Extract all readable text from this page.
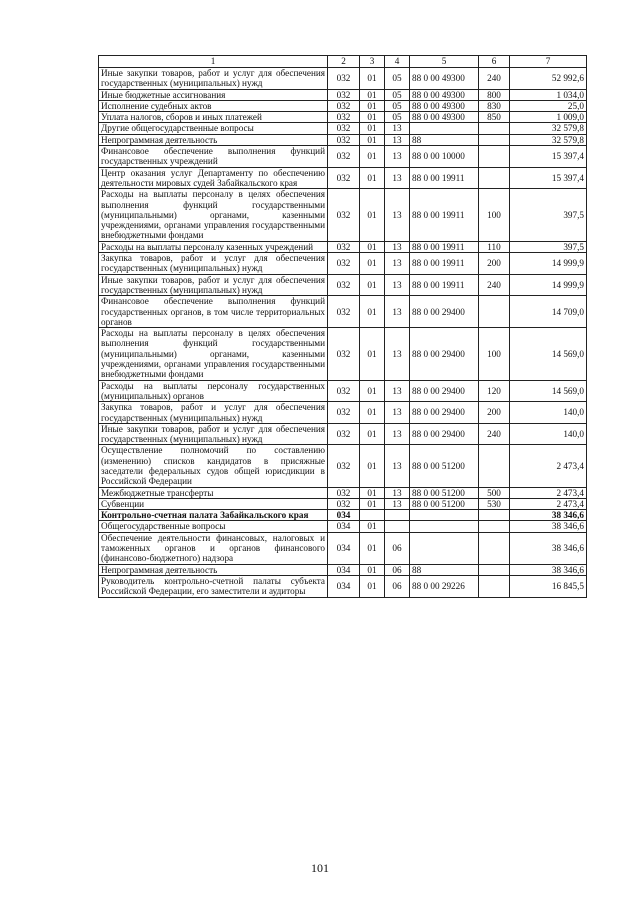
1	2	3	4	5	6	7
Иные закупки товаров, работ и услуг для обеспечения государственных (муниципальных) нужд	032	01	05	88 0 00 49300	240	52 992,6
Иные бюджетные ассигнования	032	01	05	88 0 00 49300	800	1 034,0
Исполнение судебных актов	032	01	05	88 0 00 49300	830	25,0
Уплата налогов, сборов и иных платежей	032	01	05	88 0 00 49300	850	1 009,0
Другие общегосударственные вопросы	032	01	13			32 579,8
Непрограммная деятельность	032	01	13	88		32 579,8
Финансовое обеспечение выполнения функций государственных учреждений	032	01	13	88 0 00 10000		15 397,4
Центр оказания услуг Департаменту по обеспечению деятельности мировых судей Забайкальского края	032	01	13	88 0 00 19911		15 397,4
Расходы на выплаты персоналу в целях обеспечения выполнения функций государственными (муниципальными) органами, казенными учреждениями, органами управления государственными внебюджетными фондами	032	01	13	88 0 00 19911	100	397,5
Расходы на выплаты персоналу казенных учреждений	032	01	13	88 0 00 19911	110	397,5
Закупка товаров, работ и услуг для обеспечения государственных (муниципальных) нужд	032	01	13	88 0 00 19911	200	14 999,9
Иные закупки товаров, работ и услуг для обеспечения государственных (муниципальных) нужд	032	01	13	88 0 00 19911	240	14 999,9
Финансовое обеспечение выполнения функций государственных органов, в том числе территориальных органов	032	01	13	88 0 00 29400		14 709,0
Расходы на выплаты персоналу в целях обеспечения выполнения функций государственными (муниципальными) органами, казенными учреждениями, органами управления государственными внебюджетными фондами	032	01	13	88 0 00 29400	100	14 569,0
Расходы на выплаты персоналу государственных (муниципальных) органов	032	01	13	88 0 00 29400	120	14 569,0
Закупка товаров, работ и услуг для обеспечения государственных (муниципальных) нужд	032	01	13	88 0 00 29400	200	140,0
Иные закупки товаров, работ и услуг для обеспечения государственных (муниципальных) нужд	032	01	13	88 0 00 29400	240	140,0
Осуществление полномочий по составлению (изменению) списков кандидатов в присяжные заседатели федеральных судов общей юрисдикции в Российской Федерации	032	01	13	88 0 00 51200		2 473,4
Межбюджетные трансферты	032	01	13	88 0 00 51200	500	2 473,4
Субвенции	032	01	13	88 0 00 51200	530	2 473,4
Контрольно-счетная палата Забайкальского края	034					38 346,6
Общегосударственные вопросы	034	01				38 346,6
Обеспечение деятельности финансовых, налоговых и таможенных органов и органов финансового (финансово-бюджетного) надзора	034	01	06			38 346,6
Непрограммная деятельность	034	01	06	88		38 346,6
Руководитель контрольно-счетной палаты субъекта Российской Федерации, его заместители и аудиторы	034	01	06	88 0 00 29226		16 845,5
101
